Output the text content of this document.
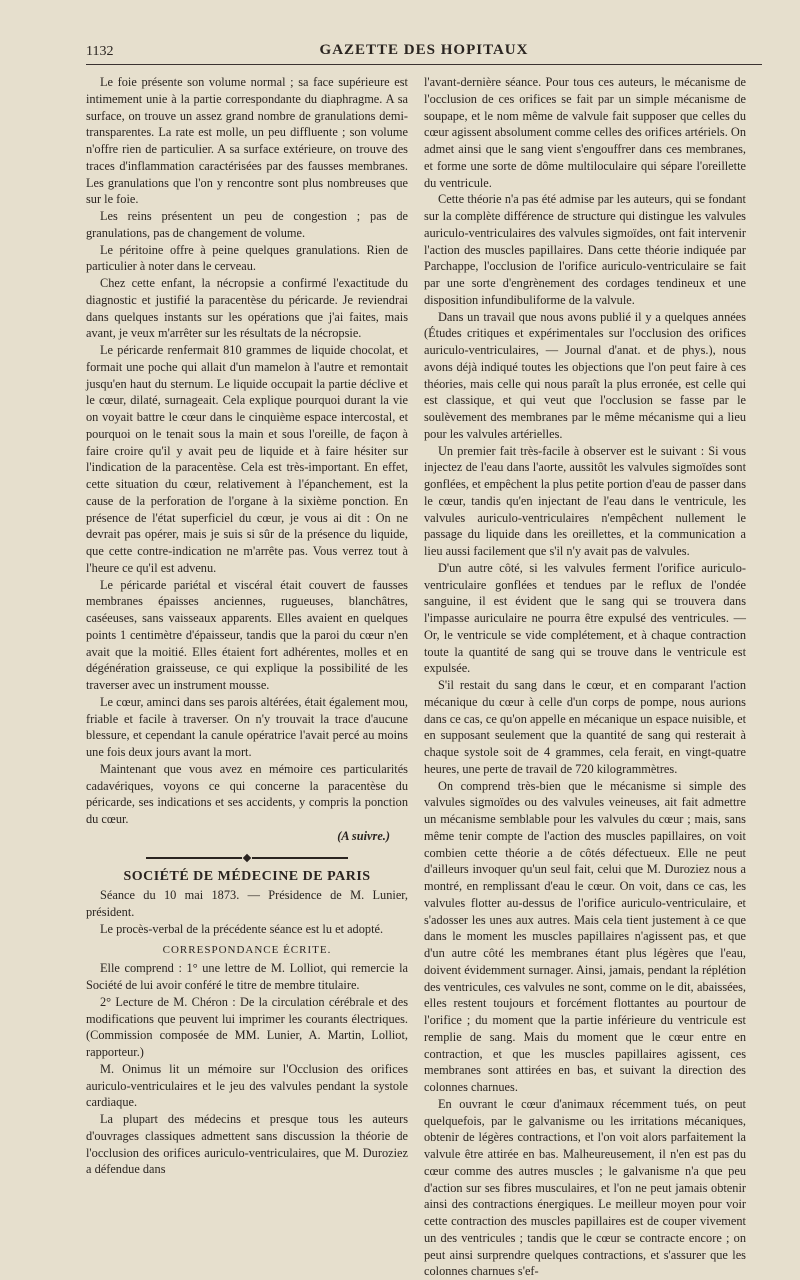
1132	GAZETTE DES HOPITAUX

Le foie présente son volume normal ; sa face supérieure est intimement unie à la partie correspondante du diaphragme. A sa surface, on trouve un assez grand nombre de granulations demi-transparentes. La rate est molle, un peu diffluente ; son volume n'offre rien de particulier. A sa surface extérieure, on trouve des traces d'inflammation caractérisées par des fausses membranes. Les granulations que l'on y rencontre sont plus nombreuses que sur le foie.

Les reins présentent un peu de congestion ; pas de granulations, pas de changement de volume.

Le péritoine offre à peine quelques granulations. Rien de particulier à noter dans le cerveau.

Chez cette enfant, la nécropsie a confirmé l'exactitude du diagnostic et justifié la paracentèse du péricarde. Je reviendrai dans quelques instants sur les opérations que j'ai faites, mais avant, je veux m'arrêter sur les résultats de la nécropsie.

Le péricarde renfermait 810 grammes de liquide chocolat, et formait une poche qui allait d'un mamelon à l'autre et remontait jusqu'en haut du sternum. Le liquide occupait la partie déclive et le cœur, dilaté, surnageait. Cela explique pourquoi durant la vie on voyait battre le cœur dans le cinquième espace intercostal, et pourquoi on le tenait sous la main et sous l'oreille, de façon à faire croire qu'il y avait peu de liquide et à faire hésiter sur l'indication de la paracentèse. Cela est très-important. En effet, cette situation du cœur, relativement à l'épanchement, est la cause de la perforation de l'organe à la sixième ponction. En présence de l'état superficiel du cœur, je vous ai dit : On ne devrait pas opérer, mais je suis si sûr de la présence du liquide, que cette contre-indication ne m'arrête pas. Vous verrez tout à l'heure ce qu'il est advenu.

Le péricarde pariétal et viscéral était couvert de fausses membranes épaisses anciennes, rugueuses, blanchâtres, caséeuses, sans vaisseaux apparents. Elles avaient en quelques points 1 centimètre d'épaisseur, tandis que la paroi du cœur n'en avait que la moitié. Elles étaient fort adhérentes, molles et en dégénération graisseuse, ce qui explique la possibilité de les traverser avec un instrument mousse.

Le cœur, aminci dans ses parois altérées, était également mou, friable et facile à traverser. On n'y trouvait la trace d'aucune blessure, et cependant la canule opératrice l'avait percé au moins une fois deux jours avant la mort.

Maintenant que vous avez en mémoire ces particularités cadavériques, voyons ce qui concerne la paracentèse du péricarde, ses indications et ses accidents, y compris la ponction du cœur.

(A suivre.)
SOCIÉTÉ DE MÉDECINE DE PARIS

Séance du 10 mai 1873. — Présidence de M. Lunier, président.

Le procès-verbal de la précédente séance est lu et adopté.

CORRESPONDANCE ÉCRITE.

Elle comprend : 1° une lettre de M. Lolliot, qui remercie la Société de lui avoir conféré le titre de membre titulaire.

2° Lecture de M. Chéron : De la circulation cérébrale et des modifications que peuvent lui imprimer les courants électriques. (Commission composée de MM. Lunier, A. Martin, Lolliot, rapporteur.)

M. Onimus lit un mémoire sur l'Occlusion des orifices auriculo-ventriculaires et le jeu des valvules pendant la systole cardiaque.

La plupart des médecins et presque tous les auteurs d'ouvrages classiques admettent sans discussion la théorie de l'occlusion des orifices auriculo-ventriculaires, que M. Duroziez a défendue dans

l'avant-dernière séance. Pour tous ces auteurs, le mécanisme de l'occlusion de ces orifices se fait par un simple mécanisme de soupape, et le nom même de valvule fait supposer que celles du cœur agissent absolument comme celles des orifices artériels. On admet ainsi que le sang vient s'engouffrer dans ces membranes, et forme une sorte de dôme multiloculaire qui sépare l'oreillette du ventricule.

Cette théorie n'a pas été admise par les auteurs, qui se fondant sur la complète différence de structure qui distingue les valvules auriculo-ventriculaires des valvules sigmoïdes, ont fait intervenir l'action des muscles papillaires. Dans cette théorie indiquée par Parchappe, l'occlusion de l'orifice auriculo-ventriculaire se fait par une sorte d'engrènement des cordages tendineux et une disposition infundibuliforme de la valvule.

Dans un travail que nous avons publié il y a quelques années (Études critiques et expérimentales sur l'occlusion des orifices auriculo-ventriculaires, — Journal d'anat. et de phys.), nous avons déjà indiqué toutes les objections que l'on peut faire à ces théories, mais celle qui nous paraît la plus erronée, est celle qui est classique, et qui veut que l'occlusion se fasse par le soulèvement des membranes par le même mécanisme qui a lieu pour les valvules artérielles.

Un premier fait très-facile à observer est le suivant : Si vous injectez de l'eau dans l'aorte, aussitôt les valvules sigmoïdes sont gonflées, et empêchent la plus petite portion d'eau de passer dans le cœur, tandis qu'en injectant de l'eau dans le ventricule, les valvules auriculo-ventriculaires n'empêchent nullement le passage du liquide dans les oreillettes, et la communication a lieu aussi facilement que s'il n'y avait pas de valvules.

D'un autre côté, si les valvules ferment l'orifice auriculo-ventriculaire gonflées et tendues par le reflux de l'ondée sanguine, il est évident que le sang qui se trouvera dans l'impasse auriculaire ne pourra être expulsé des ventricules. — Or, le ventricule se vide complétement, et à chaque contraction toute la quantité de sang qui se trouve dans le ventricule est expulsée.

S'il restait du sang dans le cœur, et en comparant l'action mécanique du cœur à celle d'un corps de pompe, nous aurions dans ce cas, ce qu'on appelle en mécanique un espace nuisible, et en supposant seulement que la quantité de sang qui resterait à chaque systole soit de 4 grammes, cela ferait, en vingt-quatre heures, une perte de travail de 720 kilogrammètres.

On comprend très-bien que le mécanisme si simple des valvules sigmoïdes ou des valvules veineuses, ait fait admettre un mécanisme semblable pour les valvules du cœur ; mais, sans même tenir compte de l'action des muscles papillaires, on voit combien cette théorie a de côtés défectueux. Elle ne peut d'ailleurs invoquer qu'un seul fait, celui que M. Duroziez nous a montré, en remplissant d'eau le cœur. On voit, dans ce cas, les valvules flotter au-dessus de l'orifice auriculo-ventriculaire, et s'adosser les unes aux autres. Mais cela tient justement à ce que dans le moment les muscles papillaires n'agissent pas, et que d'un autre côté les membranes étant plus légères que l'eau, doivent évidemment surnager. Ainsi, jamais, pendant la réplétion des ventricules, ces valvules ne sont, comme on le dit, abaissées, elles restent toujours et forcément flottantes au pourtour de l'orifice ; du moment que la partie inférieure du ventricule est remplie de sang. Mais du moment que le cœur entre en contraction, et que les muscles papillaires agissent, ces membranes sont attirées en bas, et suivant la direction des colonnes charnues.

En ouvrant le cœur d'animaux récemment tués, on peut quelquefois, par le galvanisme ou les irritations mécaniques, obtenir de légères contractions, et l'on voit alors parfaitement la valvule être attirée en bas. Malheureusement, il n'en est pas du cœur comme des autres muscles ; le galvanisme n'a que peu d'action sur ses fibres musculaires, et l'on ne peut jamais obtenir ainsi des contractions énergiques. Le meilleur moyen pour voir cette contraction des muscles papillaires est de couper vivement un des ventricules ; tandis que le cœur se contracte encore ; on peut ainsi surprendre quelques contractions, et s'assurer que les colonnes charnues s'ef-
